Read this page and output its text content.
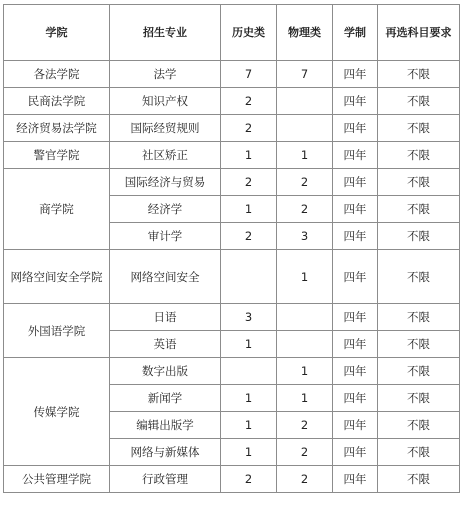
学院	招生专业	历史类	物理类	学制	再选科目要求
各法学院	法学	7	7	四年	不限
民商法学院	知识产权	2		四年	不限
经济贸易法学院	国际经贸规则	2		四年	不限
警官学院	社区矫正	1	1	四年	不限
商学院	国际经济与贸易	2	2	四年	不限
	经济学	1	2	四年	不限
	审计学	2	3	四年	不限
网络空间安全学院	网络空间安全		1	四年	不限
外国语学院	日语	3		四年	不限
	英语	1		四年	不限
传媒学院	数字出版		1	四年	不限
	新闻学	1	1	四年	不限
	编辑出版学	1	2	四年	不限
	网络与新媒体	1	2	四年	不限
公共管理学院	行政管理	2	2	四年	不限
